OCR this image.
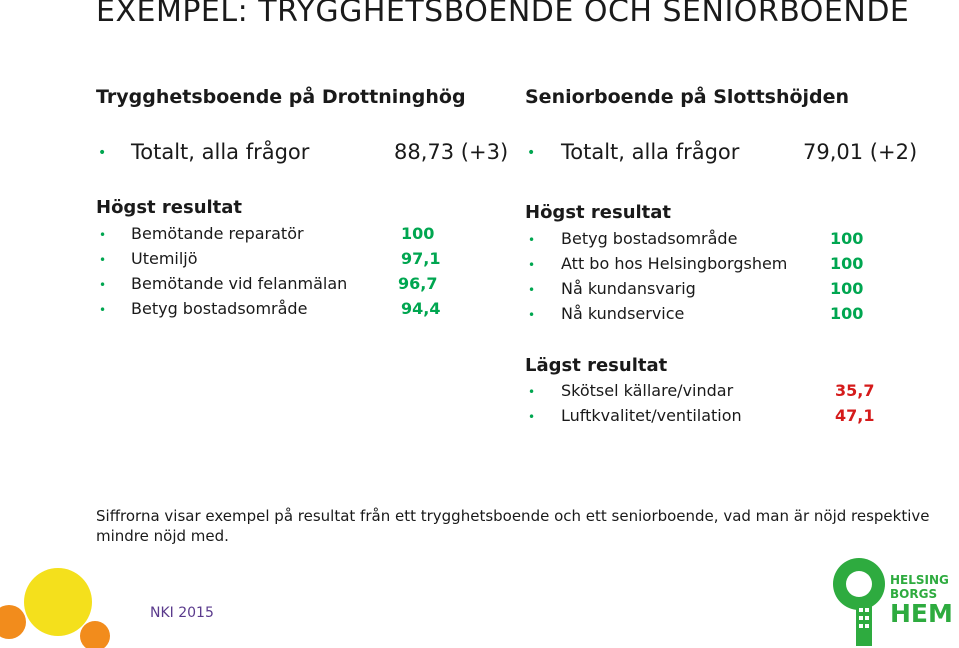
EXEMPEL: TRYGGHETSBOENDE OCH SENIORBOENDE
Trygghetsboende på Drottninghög
• Totalt, alla frågor	88,73 (+3)
Högst resultat
• Bemötande reparatör	100
• Utemiljö	97,1
• Bemötande vid felanmälan	96,7
• Betyg bostadsområde	94,4
Seniorboende på Slottshöjden
• Totalt, alla frågor	79,01 (+2)
Högst resultat
• Betyg bostadsområde	100
• Att bo hos Helsingborgshem	100
• Nå kundansvarig	100
• Nå kundservice	100
Lägst resultat
• Skötsel källare/vindar	35,7
• Luftkvalitet/ventilation	47,1
Siffrorna visar exempel på resultat från ett trygghetsboende och ett seniorboende, vad man är nöjd respektive mindre nöjd med.
NKI 2015
HELSING
BORGS
HEM
